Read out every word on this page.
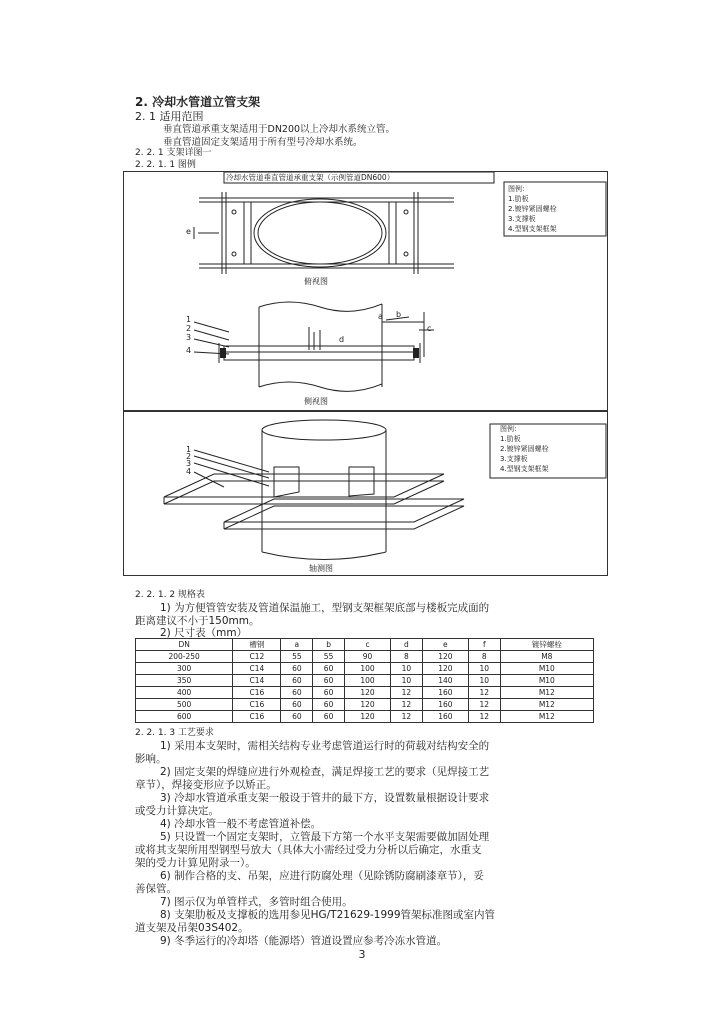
2. 冷却水管道立管支架
2. 1 适用范围
垂直管道承重支架适用于DN200以上冷却水系统立管。
垂直管道固定支架适用于所有型号冷却水系统。
2. 2. 1 支架详图一
2. 2. 1. 1 图例
冷却水管道垂直管道承重支架（示例管道DN600）
图例：
1.肋板
2.镀锌紧固螺栓
3.支撑板
4.型钢支架框架
俯视图
侧视图
e
a b
c
d
1
2
3
4
图例：
1.肋板
2.镀锌紧固螺栓
3.支撑板
4.型钢支架框架
轴测图
1
2
3
4
2. 2. 1. 2 规格表
1) 为方便管管安装及管道保温施工，型钢支架框架底部与楼板完成面的
距离建议不小于150mm。
2) 尺寸表（mm）
DN	槽钢	a	b	c	d	e	f	镀锌螺栓
200-250	C12	55	55	90	8	120	8	M8
300	C14	60	60	100	10	120	10	M10
350	C14	60	60	100	10	140	10	M10
400	C16	60	60	120	12	160	12	M12
500	C16	60	60	120	12	160	12	M12
600	C16	60	60	120	12	160	12	M12
2. 2. 1. 3 工艺要求
1) 采用本支架时，需相关结构专业考虑管道运行时的荷载对结构安全的
影响。
2) 固定支架的焊缝应进行外观检查，满足焊接工艺的要求（见焊接工艺
章节），焊接变形应予以矫正。
3) 冷却水管道承重支架一般设于管井的最下方，设置数量根据设计要求
或受力计算决定。
4) 冷却水管一般不考虑管道补偿。
5) 只设置一个固定支架时，立管最下方第一个水平支架需要做加固处理
或将其支架所用型钢型号放大（具体大小需经过受力分析以后确定，水重支
架的受力计算见附录一）。
6) 制作合格的支、吊架，应进行防腐处理（见除锈防腐刷漆章节），妥
善保管。
7) 图示仅为单管样式，多管时组合使用。
8) 支架肋板及支撑板的选用参见HG/T21629-1999管架标准图或室内管
道支架及吊架03S402。
9) 冬季运行的冷却塔（能源塔）管道设置应参考冷冻水管道。
3
